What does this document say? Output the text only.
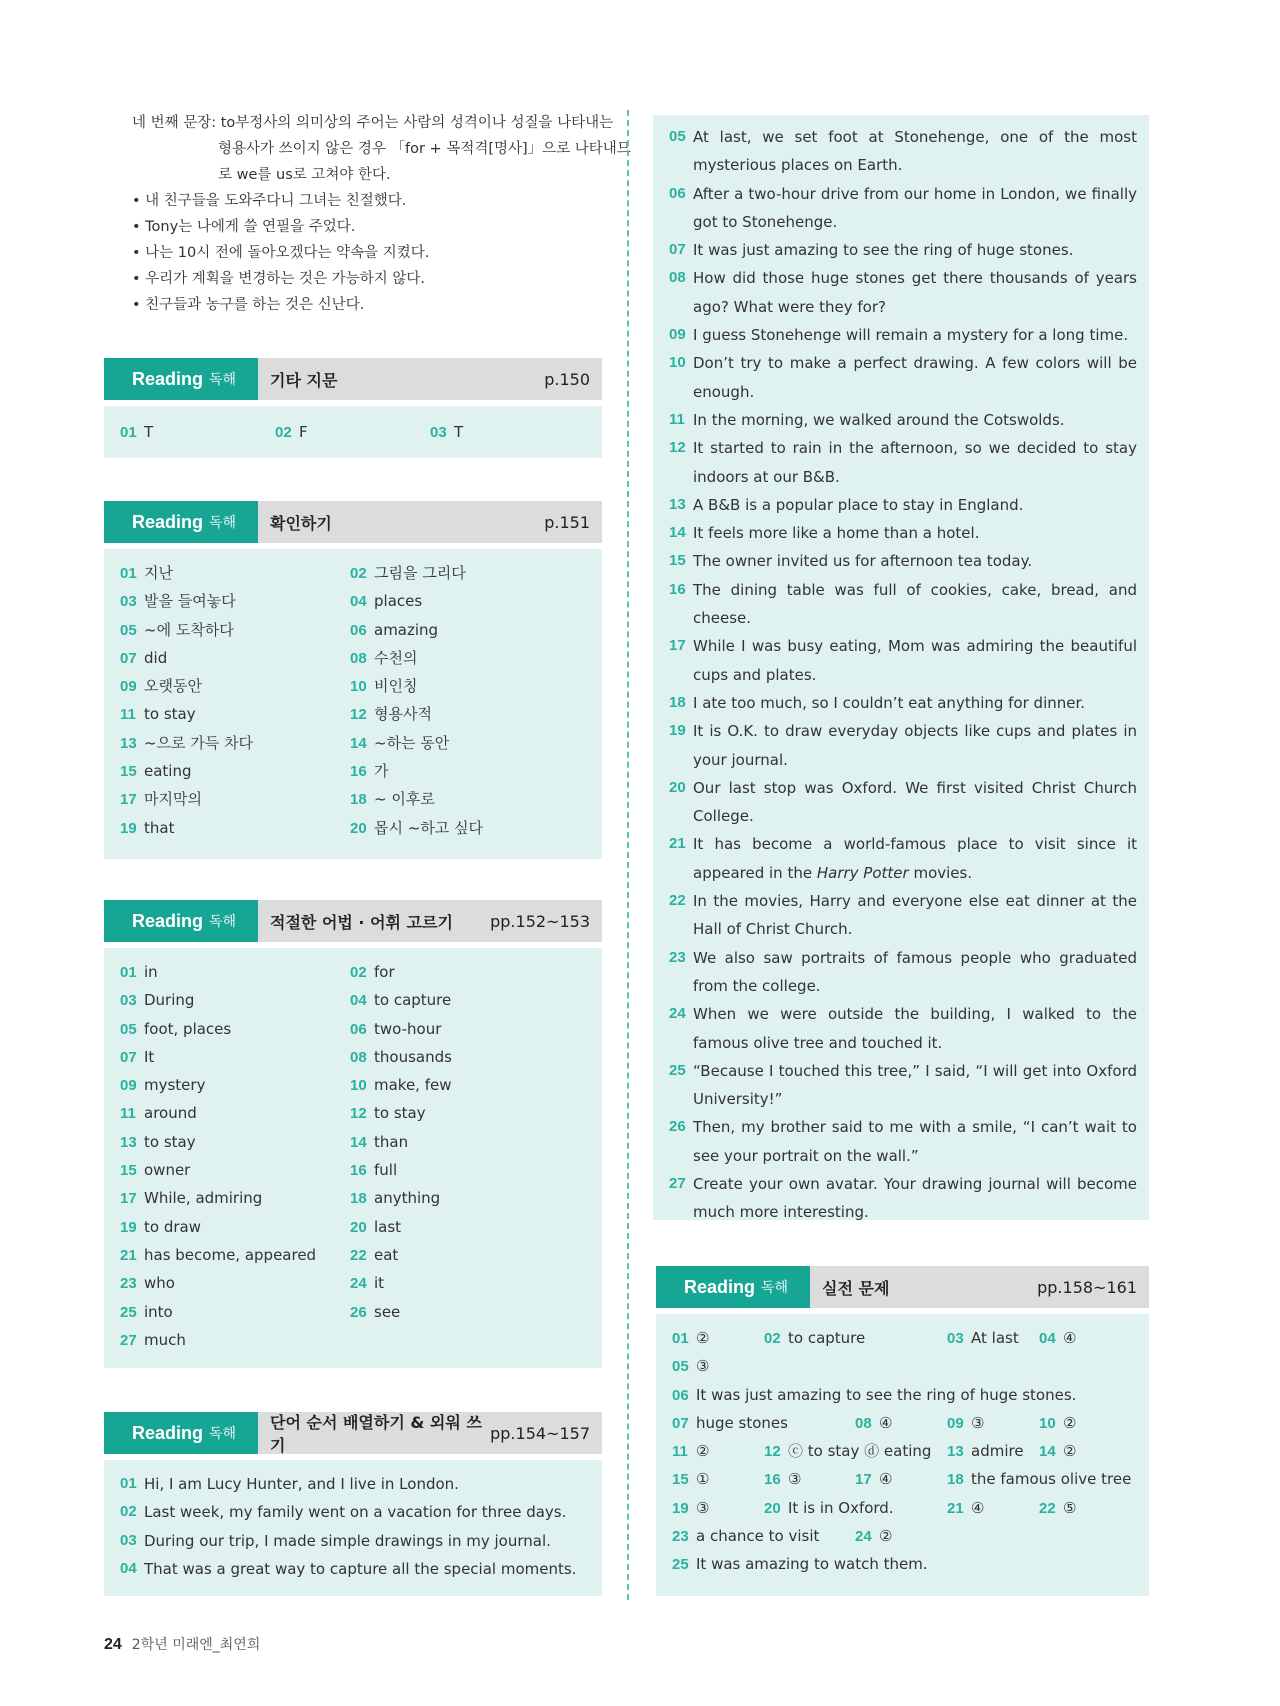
네 번째 문장: to부정사의 의미상의 주어는 사람의 성격이나 성질을 나타내는
형용사가 쓰이지 않은 경우 「for + 목적격[명사]」으로 나타내므
로 we를 us로 고쳐야 한다.
• 내 친구들을 도와주다니 그녀는 친절했다.
• Tony는 나에게 쓸 연필을 주었다.
• 나는 10시 전에 돌아오겠다는 약속을 지켰다.
• 우리가 계획을 변경하는 것은 가능하지 않다.
• 친구들과 농구를 하는 것은 신난다.
Reading 독해 기타 지문	p.150
01 T	02 F	03 T
Reading 독해 확인하기	p.151
01 지난	02 그림을 그리다
03 발을 들여놓다	04 places
05 ~에 도착하다	06 amazing
07 did	08 수천의
09 오랫동안	10 비인칭
11 to stay	12 형용사적
13 ~으로 가득 차다	14 ~하는 동안
15 eating	16 가
17 마지막의	18 ~ 이후로
19 that	20 몹시 ~하고 싶다
Reading 독해 적절한 어법 · 어휘 고르기 pp.152~153
01 in	02 for
03 During	04 to capture
05 foot, places	06 two-hour
07 It	08 thousands
09 mystery	10 make, few
11 around	12 to stay
13 to stay	14 than
15 owner	16 full
17 While, admiring	18 anything
19 to draw	20 last
21 has become, appeared	22 eat
23 who	24 it
25 into	26 see
27 much
Reading 독해
단어 순서 배열하기 & 외워 쓰기
pp.154~157
01 Hi, I am Lucy Hunter, and I live in London.
02 Last week, my family went on a vacation for three days.
03 During our trip, I made simple drawings in my journal.
04 That was a great way to capture all the special moments.
05 At last, we set foot at Stonehenge, one of the most mysterious places on Earth.
06 After a two-hour drive from our home in London, we finally got to Stonehenge.
07 It was just amazing to see the ring of huge stones.
08 How did those huge stones get there thousands of years ago? What were they for?
09 I guess Stonehenge will remain a mystery for a long time.
10 Don’t try to make a perfect drawing. A few colors will be enough.
11 In the morning, we walked around the Cotswolds.
12 It started to rain in the afternoon, so we decided to stay indoors at our B&B.
13 A B&B is a popular place to stay in England.
14 It feels more like a home than a hotel.
15 The owner invited us for afternoon tea today.
16 The dining table was full of cookies, cake, bread, and cheese.
17 While I was busy eating, Mom was admiring the beautiful cups and plates.
18 I ate too much, so I couldn’t eat anything for dinner.
19 It is O.K. to draw everyday objects like cups and plates in your journal.
20 Our last stop was Oxford. We first visited Christ Church College.
21 It has become a world-famous place to visit since it appeared in the Harry Potter movies.
22 In the movies, Harry and everyone else eat dinner at the Hall of Christ Church.
23 We also saw portraits of famous people who graduated from the college.
24 When we were outside the building, I walked to the famous olive tree and touched it.
25 “Because I touched this tree,” I said, “I will get into Oxford University!”
26 Then, my brother said to me with a smile, “I can’t wait to see your portrait on the wall.”
27 Create your own avatar. Your drawing journal will become much more interesting.
Reading 독해 실전 문제	pp.158~161
01 ②	02 to capture	03 At last 04 ④
05 ③
06 It was just amazing to see the ring of huge stones.
07 huge stones	08 ④	09 ③	10 ②
11 ②	12 ⓒ to stay ⓓ eating 13 admire 14 ②
15 ①	16 ③	17 ④	18 the famous olive tree
19 ③	20 It is in Oxford.	21 ④	22 ⑤
23 a chance to visit 24 ②
25 It was amazing to watch them.
24 2학년 미래엔_최연희
